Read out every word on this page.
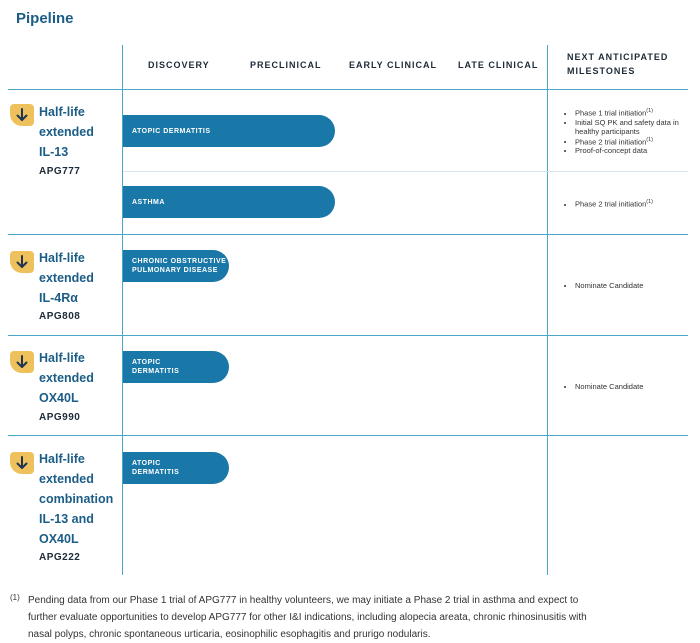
Pipeline
DISCOVERY	PRECLINICAL	EARLY CLINICAL LATE CLINICAL
NEXT ANTICIPATED
MILESTONES
Half-life
extended
IL-13
APG777
ATOPIC DERMATITIS
• Phase 1 trial initiation$^{(1)}$
• Initial SQ PK and safety data in healthy participants
• Phase 2 trial initiation$^{(1)}$
• Proof-of-concept data
ASTHMA
•	Phase 2 trial initiation$^{(1)}$
Half-life
extended
IL-4Rα
APG808
CHRONIC OBSTRUCTIVE
PULMONARY DISEASE
• Nominate Candidate
Half-life
extended
OX40L
APG990
ATOPIC
DERMATITIS
• Nominate Candidate
Half-life
extended
combination
IL-13 and
OX40L
APG222
ATOPIC
DERMATITIS
(1) Pending data from our Phase 1 trial of APG777 in healthy volunteers, we may initiate a Phase 2 trial in asthma and expect to further evaluate opportunities to develop APG777 for other I&I indications, including alopecia areata, chronic rhinosinusitis with nasal polyps, chronic spontaneous urticaria, eosinophilic esophagitis and prurigo nodularis.
